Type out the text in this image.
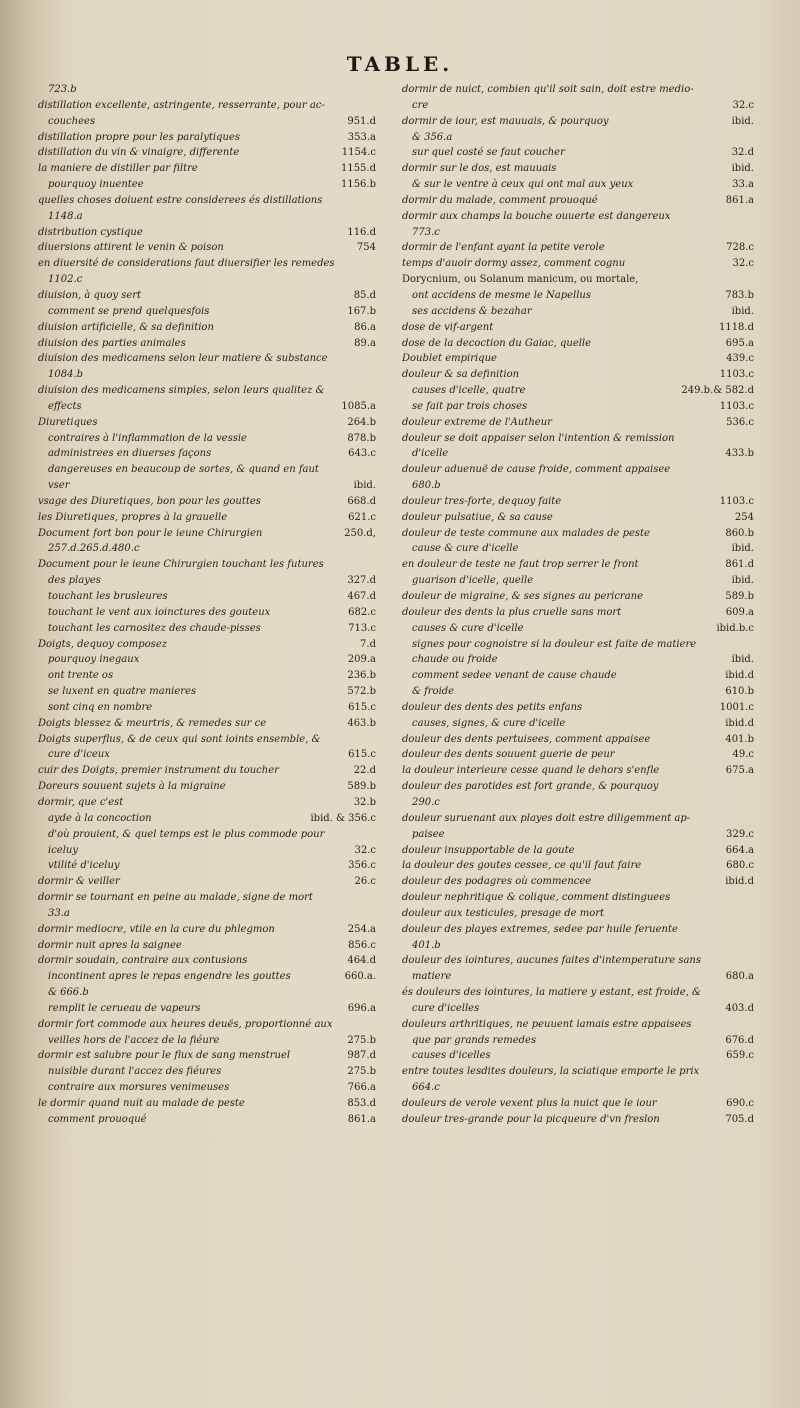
TABLE.
723.b
distillation excellente, astringente, resserrante, pour ac-
couchees	951.d
distillation propre pour les paralytiques	353.a
distillation du vin & vinaigre, differente	1154.c
la maniere de distiller par filtre	1155.d
pourquoy inuentee	1156.b
quelles choses doiuent estre considerees és distillations
1148.a
distribution cystique	116.d
diuersions attirent le venin & poison	754
en diuersité de considerations faut diuersifier les remedes
1102.c
diuision, à quoy sert	85.d
comment se prend quelquesfois	167.b
diuision artificielle, & sa definition	86.a
diuision des parties animales	89.a
diuision des medicamens selon leur matiere & substance
1084.b
diuision des medicamens simples, selon leurs qualitez &
effects	1085.a
Diuretiques	264.b
contraires à l'inflammation de la vessie	878.b
administrees en diuerses façons	643.c
dangereuses en beaucoup de sortes, & quand en faut
vser	ibid.
vsage des Diuretiques, bon pour les gouttes	668.d
les Diuretiques, propres à la grauelle	621.c
Document fort bon pour le ieune Chirurgien	250.d,
257.d.265.d.480.c
Document pour le ieune Chirurgien touchant les futures
des playes	327.d
touchant les brusleures	467.d
touchant le vent aux ioinctures des gouteux	682.c
touchant les carnositez des chaude-pisses	713.c
Doigts, dequoy composez	7.d
pourquoy inegaux	209.a
ont trente os	236.b
se luxent en quatre manieres	572.b
sont cinq en nombre	615.c
Doigts blessez & meurtris, & remedes sur ce	463.b
Doigts superflus, & de ceux qui sont ioints ensemble, &
cure d'iceux	615.c
cuir des Doigts, premier instrument du toucher	22.d
Doreurs souuent sujets à la migraine	589.b
dormir, que c'est	32.b
ayde à la concoction	ibid. & 356.c
d'où prouient, & quel temps est le plus commode pour
iceluy	32.c
vtilité d'iceluy	356.c
dormir & veiller	26.c
dormir se tournant en peine au malade, signe de mort
33.a
dormir mediocre, vtile en la cure du phlegmon	254.a
dormir nuit apres la saignee	856.c
dormir soudain, contraire aux contusions	464.d
incontinent apres le repas engendre les gouttes	660.a.
& 666.b
remplit le cerueau de vapeurs	696.a
dormir fort commode aux heures deuës, proportionné aux
veilles hors de l'accez de la fiéure	275.b
dormir est salubre pour le flux de sang menstruel	987.d
nuisible durant l'accez des fiéures	275.b
contraire aux morsures venimeuses	766.a
le dormir quand nuit au malade de peste	853.d
comment prouoqué	861.a
dormir de nuict, combien qu'il soit sain, doit estre medio-
cre	32.c
dormir de iour, est mauuais, & pourquoy	ibid.
& 356.a
sur quel costé se faut coucher	32.d
dormir sur le dos, est mauuais	ibid.
& sur le ventre à ceux qui ont mal aux yeux	33.a
dormir du malade, comment prouoqué	861.a
dormir aux champs la bouche ouuerte est dangereux
773.c
dormir de l'enfant ayant la petite verole	728.c
temps d'auoir dormy assez, comment cognu	32.c
Dorycnium, ou Solanum manicum, ou mortale,
ont accidens de mesme le Napellus	783.b
ses accidens & bezahar	ibid.
dose de vif-argent	1118.d
dose de la decoction du Gaiac, quelle	695.a
Doublet empirique	439.c
douleur & sa definition	1103.c
causes d'icelle, quatre	249.b.& 582.d
se fait par trois choses	1103.c
douleur extreme de l'Autheur	536.c
douleur se doit appaiser selon l'intention & remission
d'icelle	433.b
douleur aduenuë de cause froide, comment appaisee
680.b
douleur tres-forte, dequoy faite	1103.c
douleur pulsatiue, & sa cause	254
douleur de teste commune aux malades de peste	860.b
cause & cure d'icelle	ibid.
en douleur de teste ne faut trop serrer le front	861.d
guarison d'icelle, quelle	ibid.
douleur de migraine, & ses signes au pericrane	589.b
douleur des dents la plus cruelle sans mort	609.a
causes & cure d'icelle	ibid.b.c
signes pour cognoistre si la douleur est faite de matiere
chaude ou froide	ibid.
comment sedee venant de cause chaude	ibid.d
& froide	610.b
douleur des dents des petits enfans	1001.c
causes, signes, & cure d'icelle	ibid.d
douleur des dents pertuisees, comment appaisee	401.b
douleur des dents souuent guerie de peur	49.c
la douleur interieure cesse quand le dehors s'enfle	675.a
douleur des parotides est fort grande, & pourquoy
290.c
douleur suruenant aux playes doit estre diligemment ap-
paisee	329.c
douleur insupportable de la goute	664.a
la douleur des goutes cessee, ce qu'il faut faire	680.c
douleur des podagres où commencee	ibid.d
douleur nephritique & colique, comment distinguees
douleur aux testicules, presage de mort
douleur des playes extremes, sedee par huile feruente
401.b
douleur des iointures, aucunes faites d'intemperature sans
matiere	680.a
és douleurs des iointures, la matiere y estant, est froide, &
cure d'icelles	403.d
douleurs arthritiques, ne peuuent iamais estre appaisees
que par grands remedes	676.d
causes d'icelles	659.c
entre toutes lesdites douleurs, la sciatique emporte le prix
664.c
douleurs de verole vexent plus la nuict que le iour	690.c
douleur tres-grande pour la picqueure d'vn freslon	705.d
